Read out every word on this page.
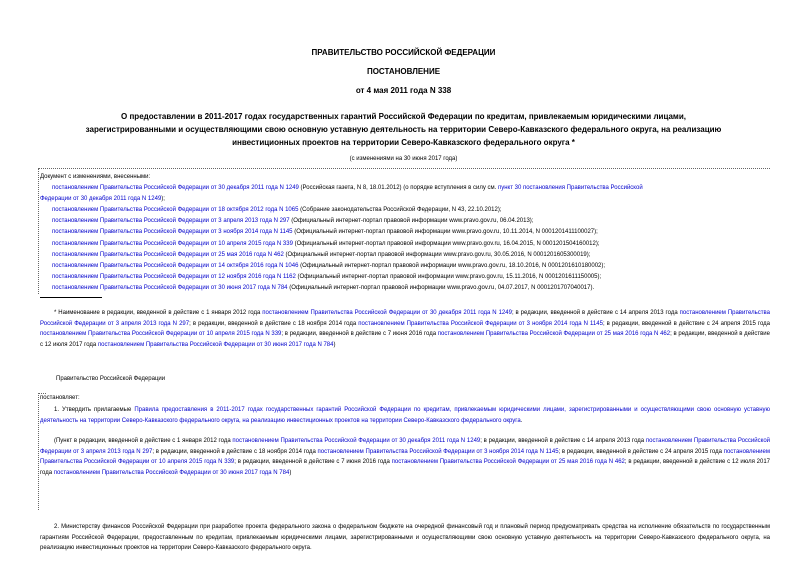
ПРАВИТЕЛЬСТВО РОССИЙСКОЙ ФЕДЕРАЦИИ
ПОСТАНОВЛЕНИЕ
от 4 мая 2011 года N 338
О предоставлении в 2011-2017 годах государственных гарантий Российской Федерации по кредитам, привлекаемым юридическими лицами,
зарегистрированными и осуществляющими свою основную уставную деятельность на территории Северо-Кавказского федерального округа, на реализацию
инвестиционных проектов на территории Северо-Кавказского федерального округа *
(с изменениями на 30 июня 2017 года)
Документ с изменениями, внесенными:
постановлением Правительства Российской Федерации от 30 декабря 2011 года N 1249 (Российская газета, N 8, 18.01.2012) (о порядке вступления в силу см. пункт 30 постановления Правительства Российской
Федерации от 30 декабря 2011 года N 1249);
постановлением Правительства Российской Федерации от 18 октября 2012 года N 1065 (Собрание законодательства Российской Федерации, N 43, 22.10.2012);
постановлением Правительства Российской Федерации от 3 апреля 2013 года N 297 (Официальный интернет-портал правовой информации www.pravo.gov.ru, 06.04.2013);
постановлением Правительства Российской Федерации от 3 ноября 2014 года N 1145 (Официальный интернет-портал правовой информации www.pravo.gov.ru, 10.11.2014, N 0001201411100027);
постановлением Правительства Российской Федерации от 10 апреля 2015 года N 339 (Официальный интернет-портал правовой информации www.pravo.gov.ru, 16.04.2015, N 0001201504160012);
постановлением Правительства Российской Федерации от 25 мая 2016 года N 462 (Официальный интернет-портал правовой информации www.pravo.gov.ru, 30.05.2016, N 0001201605300019);
постановлением Правительства Российской Федерации от 14 октября 2016 года N 1046 (Официальный интернет-портал правовой информации www.pravo.gov.ru, 18.10.2016, N 0001201610180002);
постановлением Правительства Российской Федерации от 12 ноября 2016 года N 1162 (Официальный интернет-портал правовой информации www.pravo.gov.ru, 15.11.2016, N 0001201611150005);
постановлением Правительства Российской Федерации от 30 июня 2017 года N 784 (Официальный интернет-портал правовой информации www.pravo.gov.ru, 04.07.2017, N 0001201707040017).
* Наименование в редакции, введенной в действие с 1 января 2012 года постановлением Правительства Российской Федерации от 30 декабря 2011 года N 1249; в редакции, введенной в действие с 14 апреля 2013 года постановлением Правительства Российской Федерации от 3 апреля 2013 года N 297; в редакции, введенной в действие с 18 ноября 2014 года постановлением Правительства Российской Федерации от 3 ноября 2014 года N 1145; в редакции, введенной в действие с 24 апреля 2015 года постановлением Правительства Российской Федерации от 10 апреля 2015 года N 339; в редакции, введенной в действие с 7 июня 2016 года постановлением Правительства Российской Федерации от 25 мая 2016 года N 462; в редакции, введенной в действие с 12 июля 2017 года постановлением Правительства Российской Федерации от 30 июня 2017 года N 784)
Правительство Российской Федерации
постановляет:
1. Утвердить прилагаемые Правила предоставления в 2011-2017 годах государственных гарантий Российской Федерации по кредитам, привлекаемым юридическими лицами, зарегистрированными и осуществляющими свою основную уставную деятельность на территории Северо-Кавказского федерального округа, на реализацию инвестиционных проектов на территории Северо-Кавказского федерального округа.
(Пункт в редакции, введенной в действие с 1 января 2012 года постановлением Правительства Российской Федерации от 30 декабря 2011 года N 1249; в редакции, введенной в действие с 14 апреля 2013 года постановлением Правительства Российской Федерации от 3 апреля 2013 года N 297; в редакции, введенной в действие с 18 ноября 2014 года постановлением Правительства Российской Федерации от 3 ноября 2014 года N 1145; в редакции, введенной в действие с 24 апреля 2015 года постановлением Правительства Российской Федерации от 10 апреля 2015 года N 339; в редакции, введенной в действие с 7 июня 2016 года постановлением Правительства Российской Федерации от 25 мая 2016 года N 462; в редакции, введенной в действие с 12 июля 2017 года постановлением Правительства Российской Федерации от 30 июня 2017 года N 784)
2. Министерству финансов Российской Федерации при разработке проекта федерального закона о федеральном бюджете на очередной финансовый год и плановый период предусматривать средства на исполнение обязательств по государственным гарантиям Российской Федерации, предоставленным по кредитам, привлекаемым юридическими лицами, зарегистрированными и осуществляющими свою основную уставную деятельность на территории Северо-Кавказского федерального округа, на реализацию инвестиционных проектов на территории Северо-Кавказского федерального округа.
